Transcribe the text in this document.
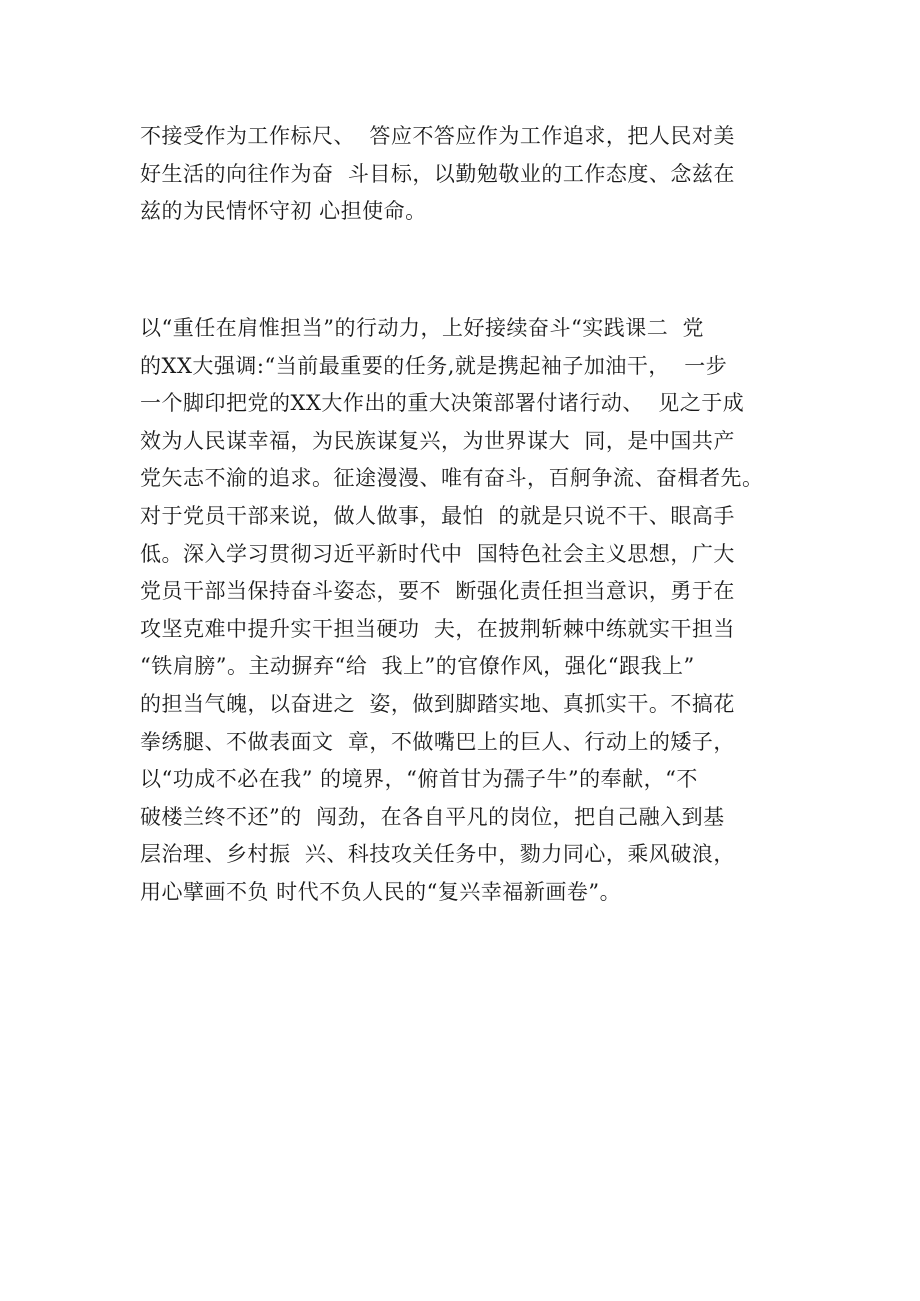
不接受作为工作标尺、  答应不答应作为工作追求，把人民对美
好生活的向往作为奋  斗目标，以勤勉敬业的工作态度、念兹在
兹的为民情怀守初 心担使命。

以“重任在肩惟担当”的行动力，上好接续奋斗“实践课二  党
的XX大强调:“当前最重要的任务,就是携起袖子加油干，  一步
一个脚印把党的XX大作出的重大决策部署付诸行动、  见之于成
效为人民谋幸福，为民族谋复兴，为世界谋大  同，是中国共产
党矢志不渝的追求。征途漫漫、唯有奋斗，百舸争流、奋楫者先。
对于党员干部来说，做人做事，最怕  的就是只说不干、眼高手
低。深入学习贯彻习近平新时代中  国特色社会主义思想，广大
党员干部当保持奋斗姿态，要不  断强化责任担当意识，勇于在
攻坚克难中提升实干担当硬功  夫，在披荆斩棘中练就实干担当
“铁肩膀”。主动摒弃“给  我上”的官僚作风，强化“跟我上”
的担当气魄，以奋进之  姿，做到脚踏实地、真抓实干。不搞花
拳绣腿、不做表面文  章，不做嘴巴上的巨人、行动上的矮子，
以“功成不必在我” 的境界，“俯首甘为孺子牛”的奉献，“不
破楼兰终不还”的  闯劲，在各自平凡的岗位，把自己融入到基
层治理、乡村振  兴、科技攻关任务中，勠力同心，乘风破浪，
用心擘画不负 时代不负人民的“复兴幸福新画卷”。
